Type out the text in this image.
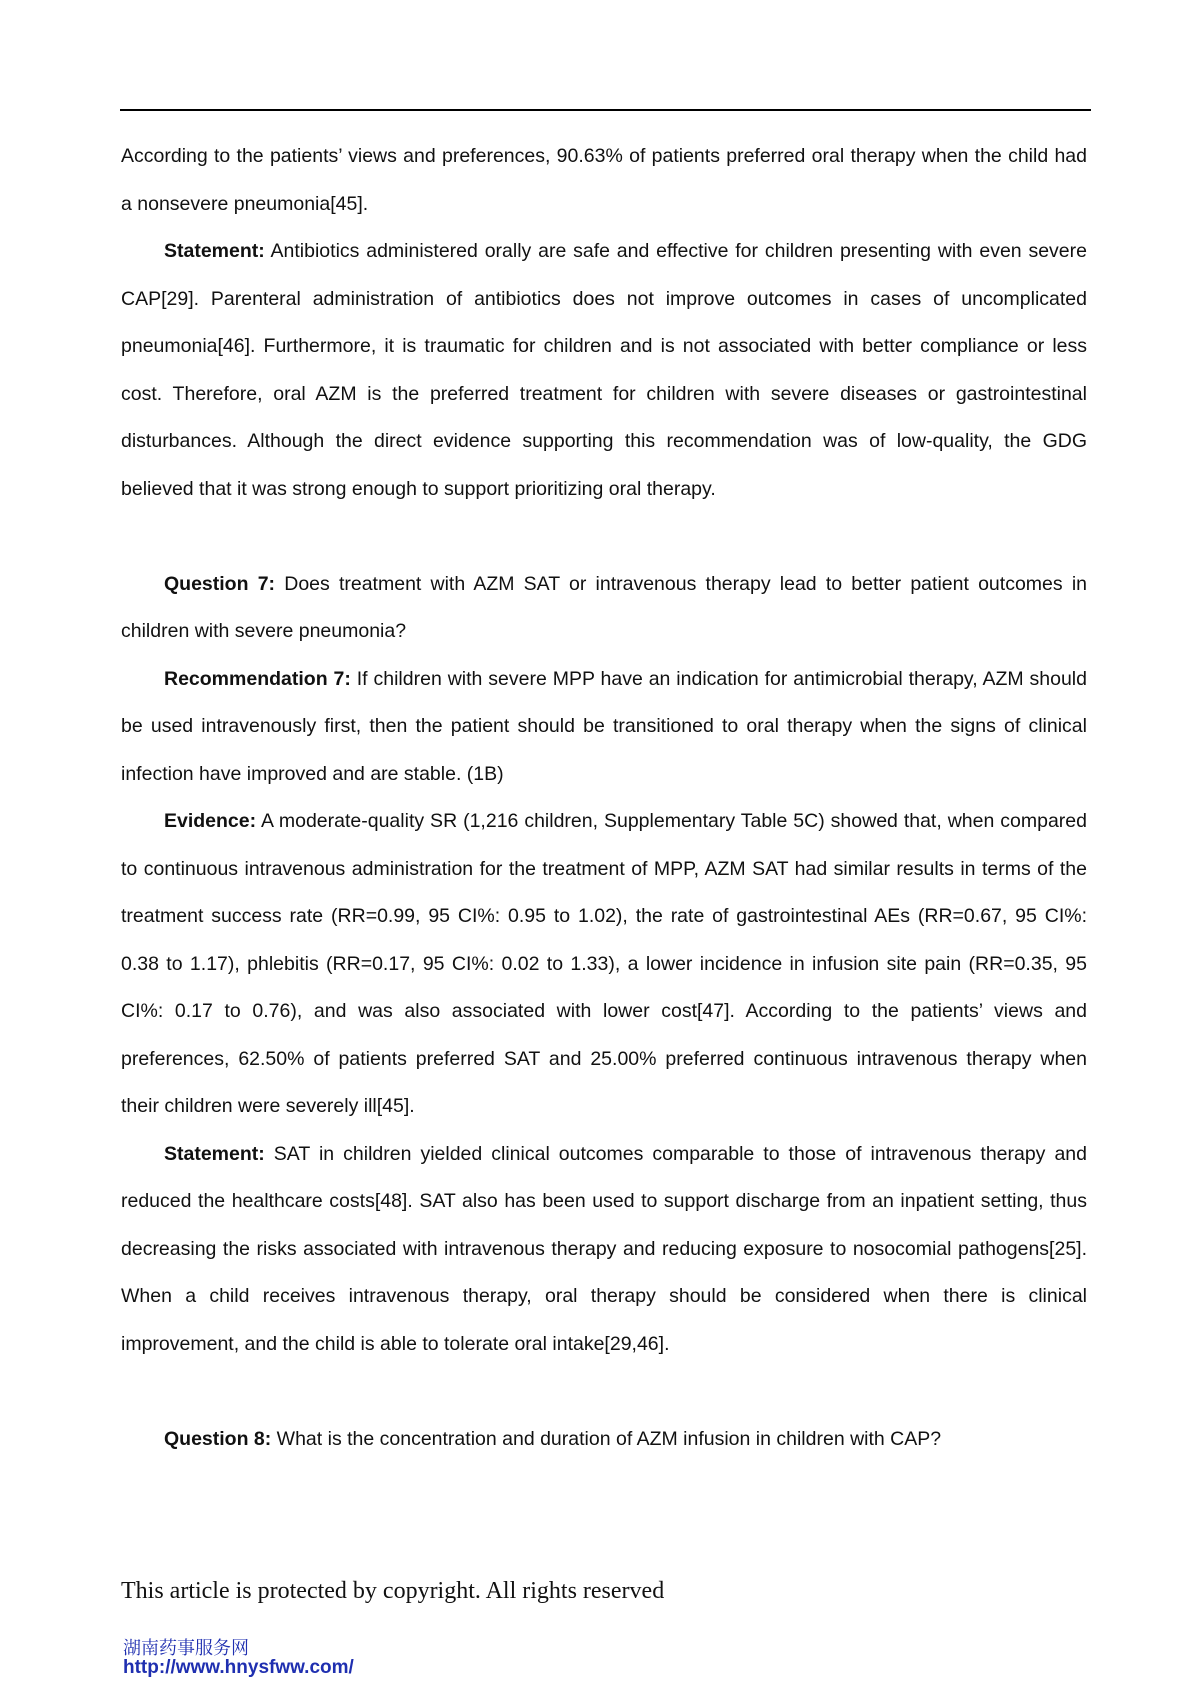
According to the patients’ views and preferences, 90.63% of patients preferred oral therapy when the child had a nonsevere pneumonia[45].

Statement: Antibiotics administered orally are safe and effective for children presenting with even severe CAP[29]. Parenteral administration of antibiotics does not improve outcomes in cases of uncomplicated pneumonia[46]. Furthermore, it is traumatic for children and is not associated with better compliance or less cost. Therefore, oral AZM is the preferred treatment for children with severe diseases or gastrointestinal disturbances. Although the direct evidence supporting this recommendation was of low-quality, the GDG believed that it was strong enough to support prioritizing oral therapy.

Question 7: Does treatment with AZM SAT or intravenous therapy lead to better patient outcomes in children with severe pneumonia?

Recommendation 7: If children with severe MPP have an indication for antimicrobial therapy, AZM should be used intravenously first, then the patient should be transitioned to oral therapy when the signs of clinical infection have improved and are stable. (1B)

Evidence: A moderate-quality SR (1,216 children, Supplementary Table 5C) showed that, when compared to continuous intravenous administration for the treatment of MPP, AZM SAT had similar results in terms of the treatment success rate (RR=0.99, 95 CI%: 0.95 to 1.02), the rate of gastrointestinal AEs (RR=0.67, 95 CI%: 0.38 to 1.17), phlebitis (RR=0.17, 95 CI%: 0.02 to 1.33), a lower incidence in infusion site pain (RR=0.35, 95 CI%: 0.17 to 0.76), and was also associated with lower cost[47]. According to the patients’ views and preferences, 62.50% of patients preferred SAT and 25.00% preferred continuous intravenous therapy when their children were severely ill[45].

Statement: SAT in children yielded clinical outcomes comparable to those of intravenous therapy and reduced the healthcare costs[48]. SAT also has been used to support discharge from an inpatient setting, thus decreasing the risks associated with intravenous therapy and reducing exposure to nosocomial pathogens[25]. When a child receives intravenous therapy, oral therapy should be considered when there is clinical improvement, and the child is able to tolerate oral intake[29,46].

Question 8: What is the concentration and duration of AZM infusion in children with CAP?

This article is protected by copyright. All rights reserved
湖南药事服务网
http://www.hnysfww.com/
